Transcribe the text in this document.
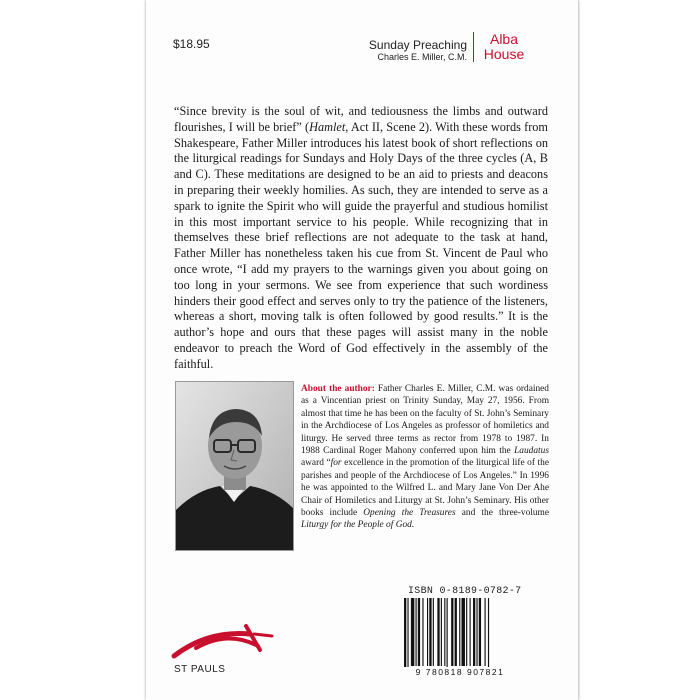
$18.95	Sunday Preaching
Charles E. Miller, C.M.
Alba
House

“Since brevity is the soul of wit, and tediousness the limbs and outward flourishes, I will be brief” (Hamlet, Act II, Scene 2). With these words from Shakespeare, Father Miller introduces his latest book of short reflections on the liturgical readings for Sundays and Holy Days of the three cycles (A, B and C). These meditations are designed to be an aid to priests and deacons in preparing their weekly homilies. As such, they are intended to serve as a spark to ignite the Spirit who will guide the prayerful and studious homilist in this most important service to his people. While recognizing that in themselves these brief reflections are not adequate to the task at hand, Father Miller has nonetheless taken his cue from St. Vincent de Paul who once wrote, “I add my prayers to the warnings given you about going on too long in your sermons. We see from experience that such wordiness hinders their good effect and serves only to try the patience of the listeners, whereas a short, moving talk is often followed by good results.” It is the author’s hope and ours that these pages will assist many in the noble endeavor to preach the Word of God effectively in the assembly of the faithful.

About the author: Father Charles E. Miller, C.M. was ordained as a Vincentian priest on Trinity Sunday, May 27, 1956. From almost that time he has been on the faculty of St. John’s Seminary in the Archdiocese of Los Angeles as professor of homiletics and liturgy. He served three terms as rector from 1978 to 1987. In 1988 Cardinal Roger Mahony conferred upon him the Laudatus award “for excellence in the promotion of the liturgical life of the parishes and people of the Archdiocese of Los Angeles.” In 1996 he was appointed to the Wilfred L. and Mary Jane Von Der Ahe Chair of Homiletics and Liturgy at St. John’s Seminary. His other books include Opening the Treasures and the three-volume Liturgy for the People of God.

ST PAULS
ISBN 0-8189-0782-7
9 780818 907821
